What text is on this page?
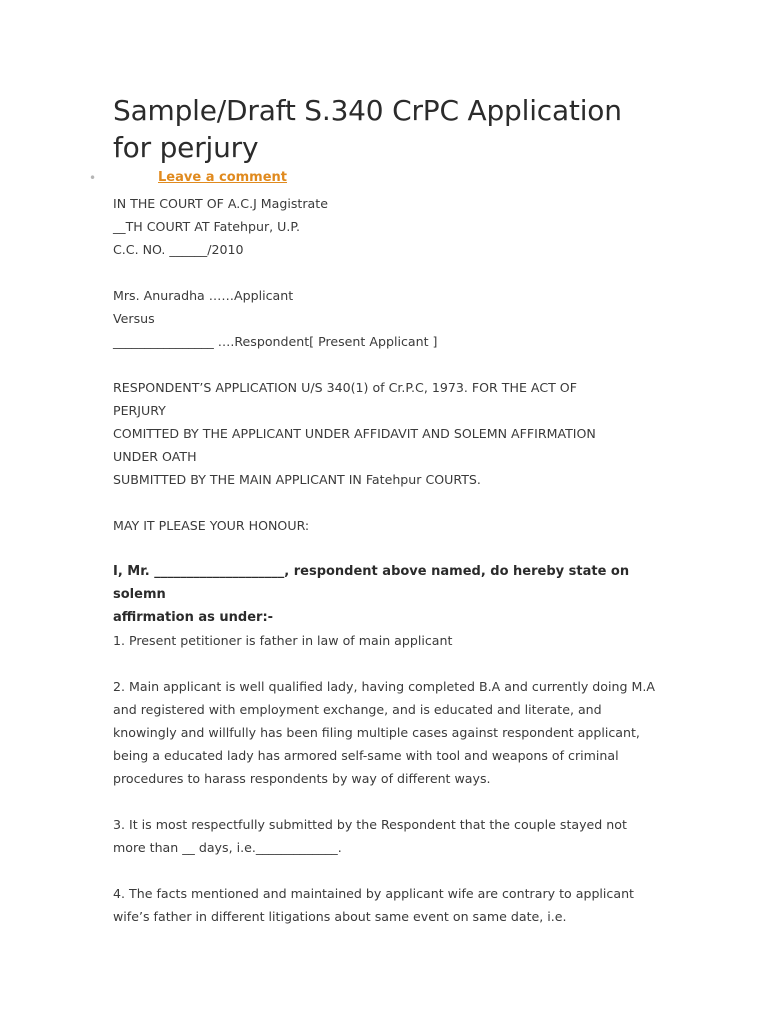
Sample/Draft S.340 CrPC Application for perjury
•	Leave a comment
IN THE COURT OF A.C.J Magistrate
__TH COURT AT Fatehpur, U.P.
C.C. NO. ______/2010
Mrs. Anuradha ……Applicant
Versus
________________ ….Respondent[ Present Applicant ]
RESPONDENT’S APPLICATION U/S 340(1) of Cr.P.C, 1973. FOR THE ACT OF
PERJURY
COMITTED BY THE APPLICANT UNDER AFFIDAVIT AND SOLEMN AFFIRMATION
UNDER OATH
SUBMITTED BY THE MAIN APPLICANT IN Fatehpur COURTS.
MAY IT PLEASE YOUR HONOUR:
I, Mr. ____________________, respondent above named, do hereby state on
solemn
affirmation as under:-
1. Present petitioner is father in law of main applicant
2. Main applicant is well qualified lady, having completed B.A and currently doing M.A and registered with employment exchange, and is educated and literate, and knowingly and willfully has been filing multiple cases against respondent applicant, being a educated lady has armored self-same with tool and weapons of criminal procedures to harass respondents by way of different ways.
3. It is most respectfully submitted by the Respondent that the couple stayed not more than __ days, i.e._____________.
4. The facts mentioned and maintained by applicant wife are contrary to applicant wife’s father in different litigations about same event on same date, i.e.
